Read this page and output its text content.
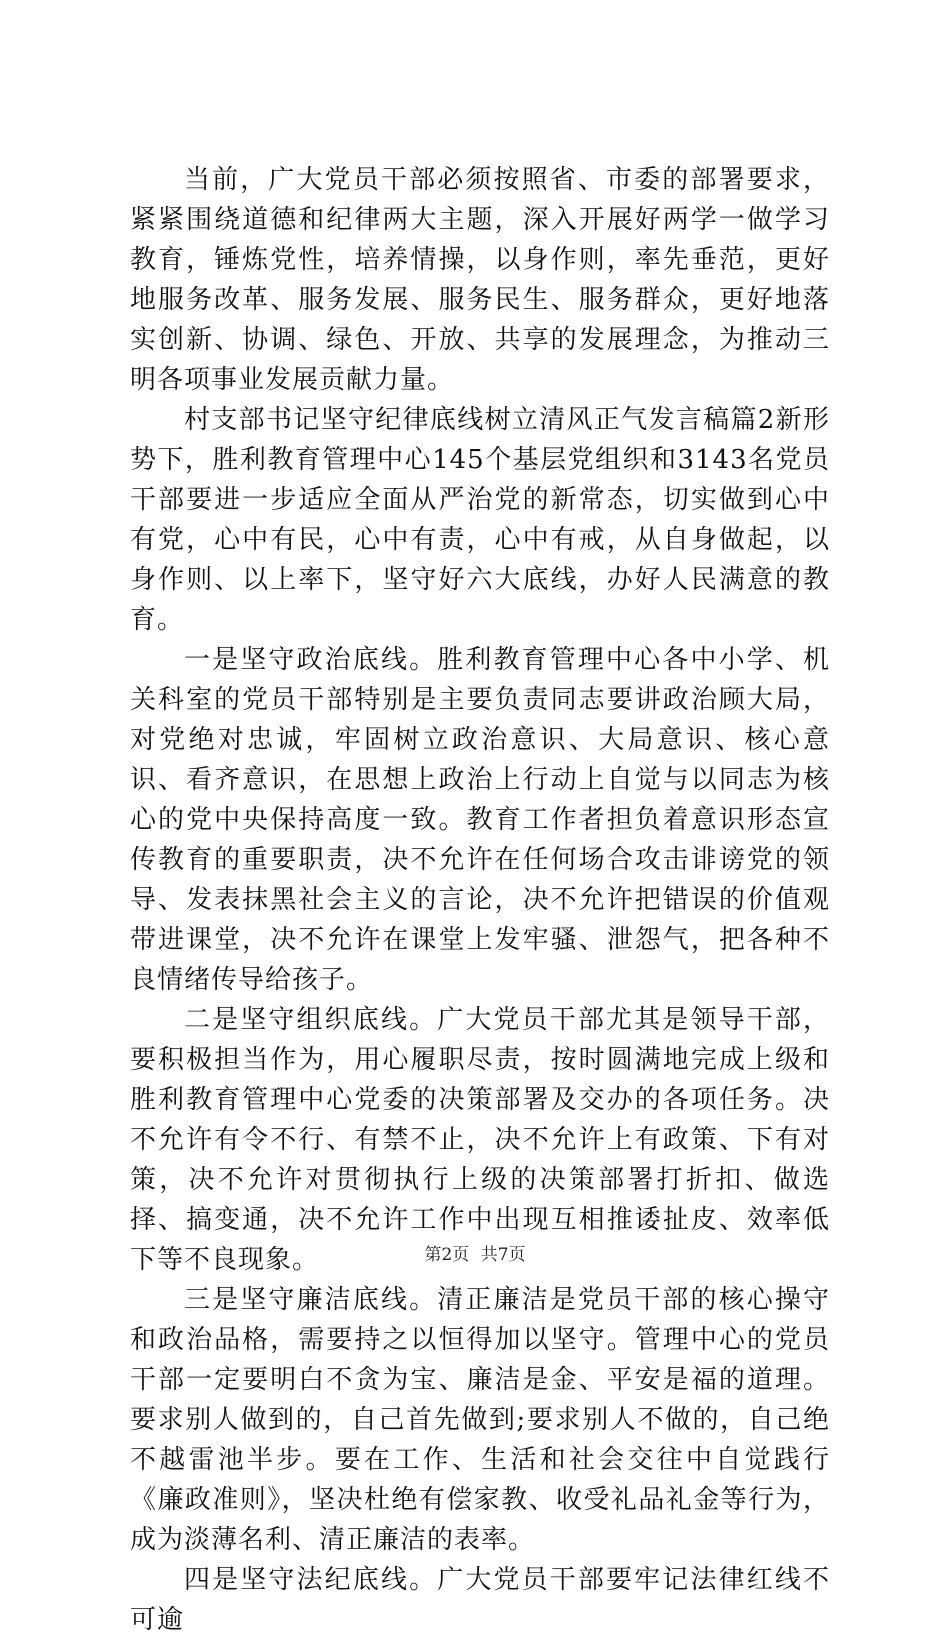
当前，广大党员干部必须按照省、市委的部署要求，紧紧围绕道德和纪律两大主题，深入开展好两学一做学习教育，锤炼党性，培养情操，以身作则，率先垂范，更好地服务改革、服务发展、服务民生、服务群众，更好地落实创新、协调、绿色、开放、共享的发展理念，为推动三明各项事业发展贡献力量。

村支部书记坚守纪律底线树立清风正气发言稿篇2新形势下，胜利教育管理中心145个基层党组织和3143名党员干部要进一步适应全面从严治党的新常态，切实做到心中有党，心中有民，心中有责，心中有戒，从自身做起，以身作则、以上率下，坚守好六大底线，办好人民满意的教育。

一是坚守政治底线。胜利教育管理中心各中小学、机关科室的党员干部特别是主要负责同志要讲政治顾大局，对党绝对忠诚，牢固树立政治意识、大局意识、核心意识、看齐意识，在思想上政治上行动上自觉与以同志为核心的党中央保持高度一致。教育工作者担负着意识形态宣传教育的重要职责，决不允许在任何场合攻击诽谤党的领导、发表抹黑社会主义的言论，决不允许把错误的价值观带进课堂，决不允许在课堂上发牢骚、泄怨气，把各种不良情绪传导给孩子。

二是坚守组织底线。广大党员干部尤其是领导干部，要积极担当作为，用心履职尽责，按时圆满地完成上级和胜利教育管理中心党委的决策部署及交办的各项任务。决不允许有令不行、有禁不止，决不允许上有政策、下有对策，决不允许对贯彻执行上级的决策部署打折扣、做选择、搞变通，决不允许工作中出现互相推诿扯皮、效率低下等不良现象。

三是坚守廉洁底线。清正廉洁是党员干部的核心操守和政治品格，需要持之以恒得加以坚守。管理中心的党员干部一定要明白不贪为宝、廉洁是金、平安是福的道理。要求别人做到的，自己首先做到;要求别人不做的，自己绝不越雷池半步。要在工作、生活和社会交往中自觉践行《廉政准则》，坚决杜绝有偿家教、收受礼品礼金等行为，成为淡薄名利、清正廉洁的表率。

四是坚守法纪底线。广大党员干部要牢记法律红线不可逾

第2页 共7页
